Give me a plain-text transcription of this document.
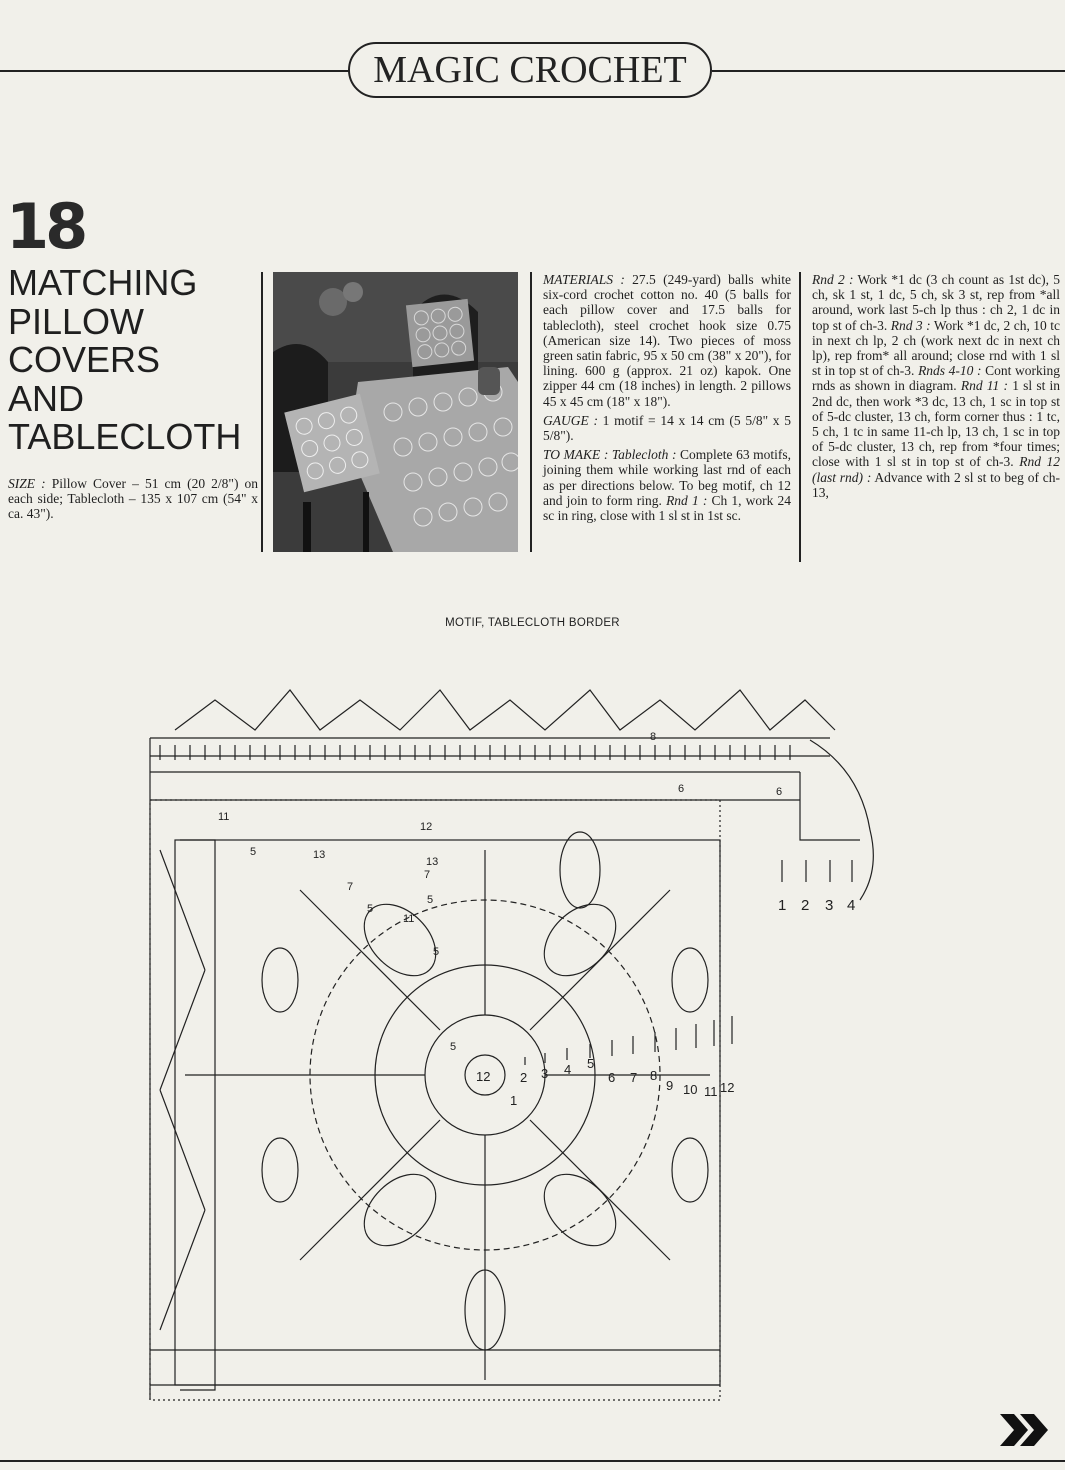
MAGIC CROCHET
18
MATCHING
PILLOW
COVERS
AND
TABLECLOTH
SIZE : Pillow Cover – 51 cm (20 2/8") on each side; Tablecloth – 135 x 107 cm (54" x ca. 43").

MATERIALS : 27.5 (249-yard) balls white six-cord crochet cotton no. 40 (5 balls for each pillow cover and 17.5 balls for tablecloth), steel crochet hook size 0.75 (American size 14). Two pieces of moss green satin fabric, 95 x 50 cm (38" x 20"), for lining. 600 g (approx. 21 oz) kapok. One zipper 44 cm (18 inches) in length. 2 pillows 45 x 45 cm (18" x 18").

GAUGE : 1 motif = 14 x 14 cm (5 5/8" x 5 5/8").

TO MAKE : Tablecloth : Complete 63 motifs, joining them while working last rnd of each as per directions below. To beg motif, ch 12 and join to form ring. Rnd 1 : Ch 1, work 24 sc in ring, close with 1 sl st in 1st sc.

Rnd 2 : Work *1 dc (3 ch count as 1st dc), 5 ch, sk 1 st, 1 dc, 5 ch, sk 3 st, rep from *all around, work last 5-ch lp thus : ch 2, 1 dc in top st of ch-3. Rnd 3 : Work *1 dc, 2 ch, 10 tc in next ch lp, 2 ch (work next dc in next ch lp), rep from* all around; close rnd with 1 sl st in top st of ch-3. Rnds 4-10 : Cont working rnds as shown in diagram. Rnd 11 : 1 sl st in 2nd dc, then work *3 dc, 13 ch, 1 sc in top st of 5-dc cluster, 13 ch, form corner thus : 1 tc, 5 ch, 1 tc in same 11-ch lp, 13 ch, 1 sc in top of 5-dc cluster, 13 ch, rep from *four times; close with 1 sl st in top st of ch-3. Rnd 12 (last rnd) : Advance with 2 sl st to beg of ch-13,

MOTIF, TABLECLOTH BORDER
12
1
2 3 4 5
6 7 8
9 10 11 12
1 2 3 4
8
6	6
11
5	13
12
13
7
7
5
5
11
5
5
